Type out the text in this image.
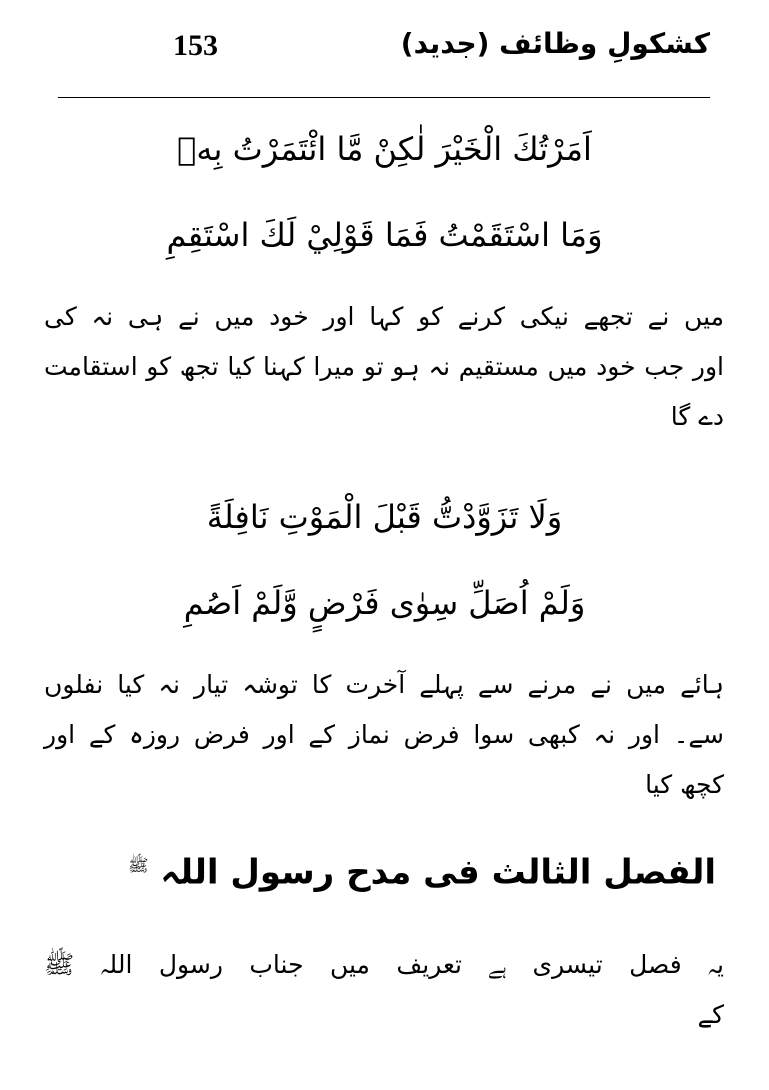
153	کشکولِ وظائف (جدید)
اَمَرْتُكَ الْخَيْرَ لٰكِنْ مَّا ائْتَمَرْتُ بِهٖ
وَمَا اسْتَقَمْتُ فَمَا قَوْلِيْ لَكَ اسْتَقِمِ
میں نے تجھے نیکی کرنے کو کہا اور خود میں نے ہی نہ کی
اور جب خود میں مستقیم نہ ہو تو میرا کہنا کیا تجھ کو استقامت
دے گا
وَلَا تَزَوَّدْتُّ قَبْلَ الْمَوْتِ نَافِلَةً
وَلَمْ اُصَلِّ سِوٰى فَرْضٍ وَّلَمْ اَصُمِ
ہائے میں نے مرنے سے پہلے آخرت کا توشہ تیار نہ کیا نفلوں
سے۔ اور نہ کبھی سوا فرض نماز کے اور فرض روزہ کے اور
کچھ کیا
الفصل الثالث فی مدح رسول اللہ $^ﷺ$
یہ فصل تیسری ہے تعریف میں جناب رسول اللہ ﷺ
کے
